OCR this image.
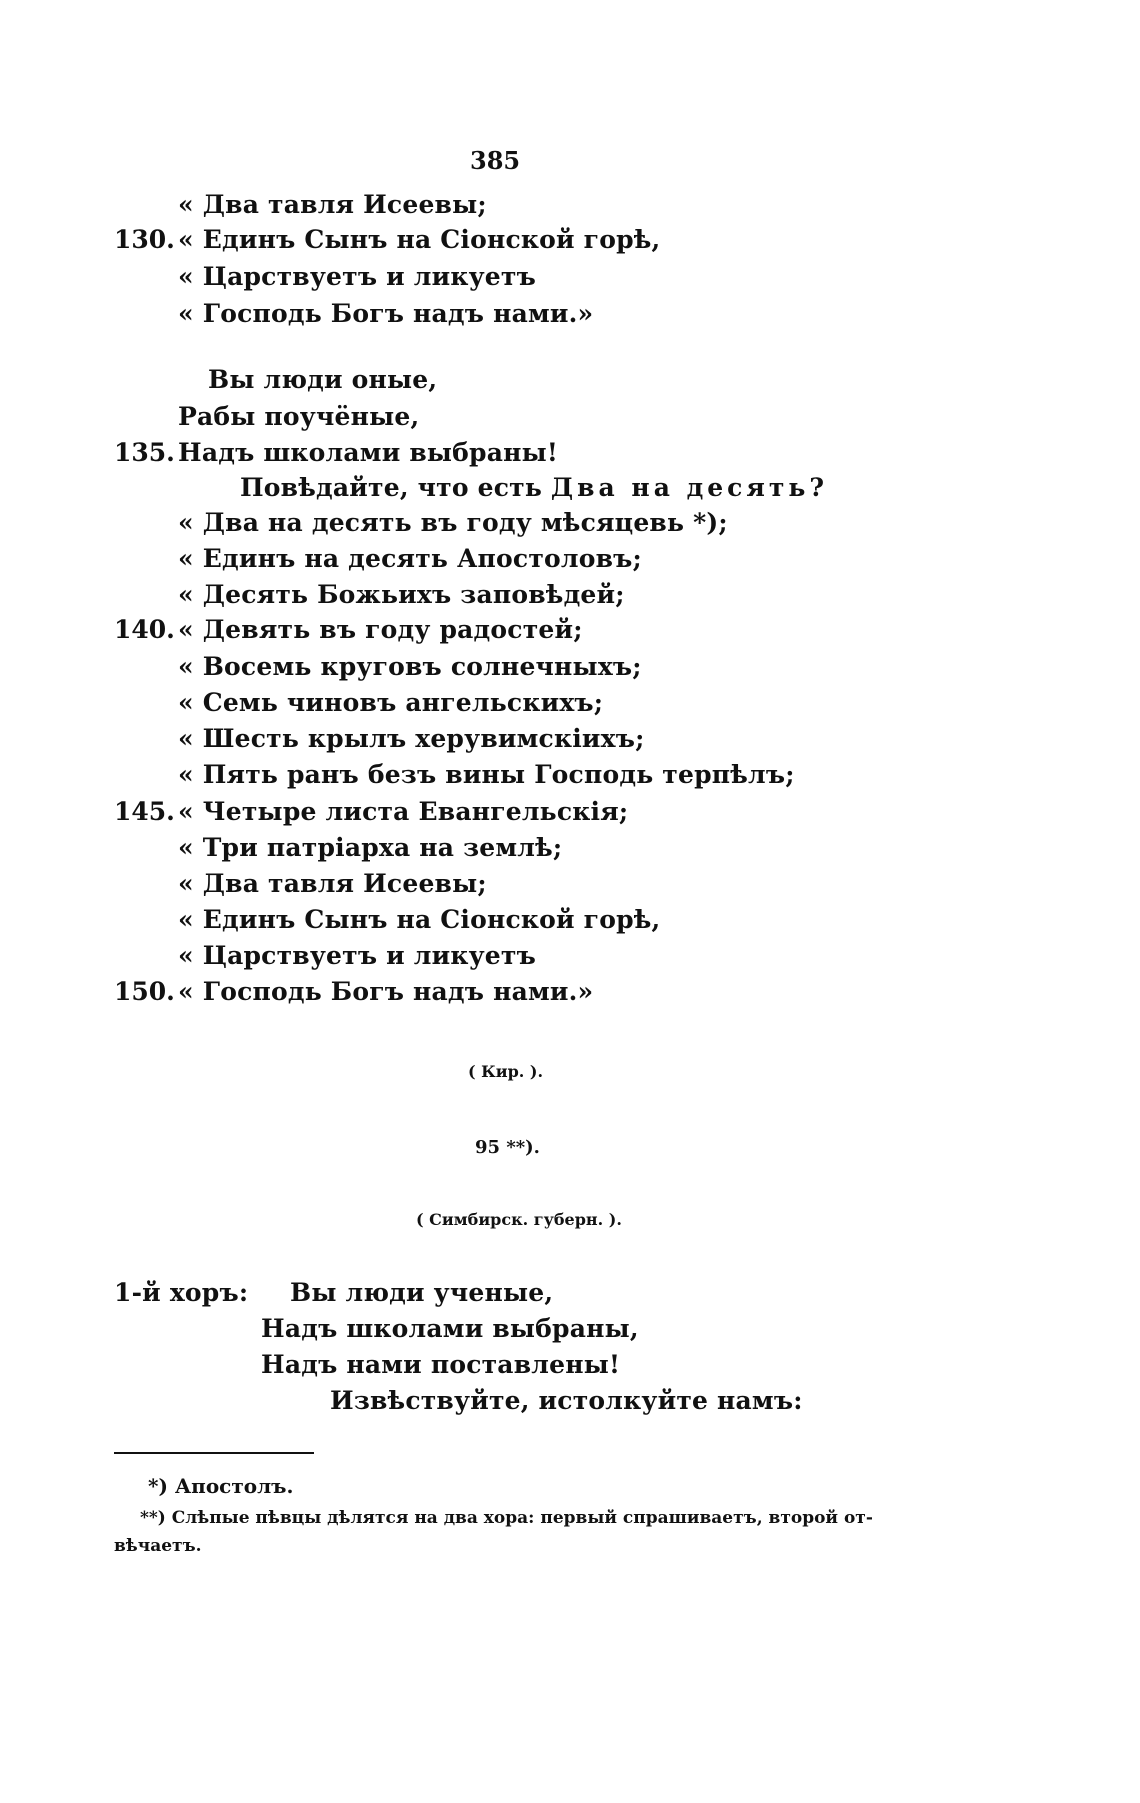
385
« Два тавля Исеевы;
130. « Единъ Сынъ на Сіонской горѣ,
« Царствуетъ и ликуетъ
« Господь Богъ надъ нами.»
Вы люди оные,
Рабы поучёные,
135. Надъ школами выбраны!
Повѣдайте, что есть Два на десять?
« Два на десять въ году мѣсяцевь *);
« Единъ на десять Апостоловъ;
« Десять Божьихъ заповѣдей;
140. « Девять въ году радостей;
« Восемь круговъ солнечныхъ;
« Семь чиновъ ангельскихъ;
« Шесть крылъ херувимскіихъ;
« Пять ранъ безъ вины Господь терпѣлъ;
145. « Четыре листа Евангельскія;
« Три патріарха на землѣ;
« Два тавля Исеевы;
« Единъ Сынъ на Сіонской горѣ,
« Царствуетъ и ликуетъ
150. « Господь Богъ надъ нами.»
( Кир. ).
95 **).
( Симбирск. губерн. ).
1-й хоръ: Вы люди ученые,
Надъ школами выбраны,
Надъ нами поставлены!
Извѣствуйте, истолкуйте намъ:
*) Апостолъ.
**) Слѣпые пѣвцы дѣлятся на два хора: первый спрашиваетъ, второй от-
вѣчаетъ.
